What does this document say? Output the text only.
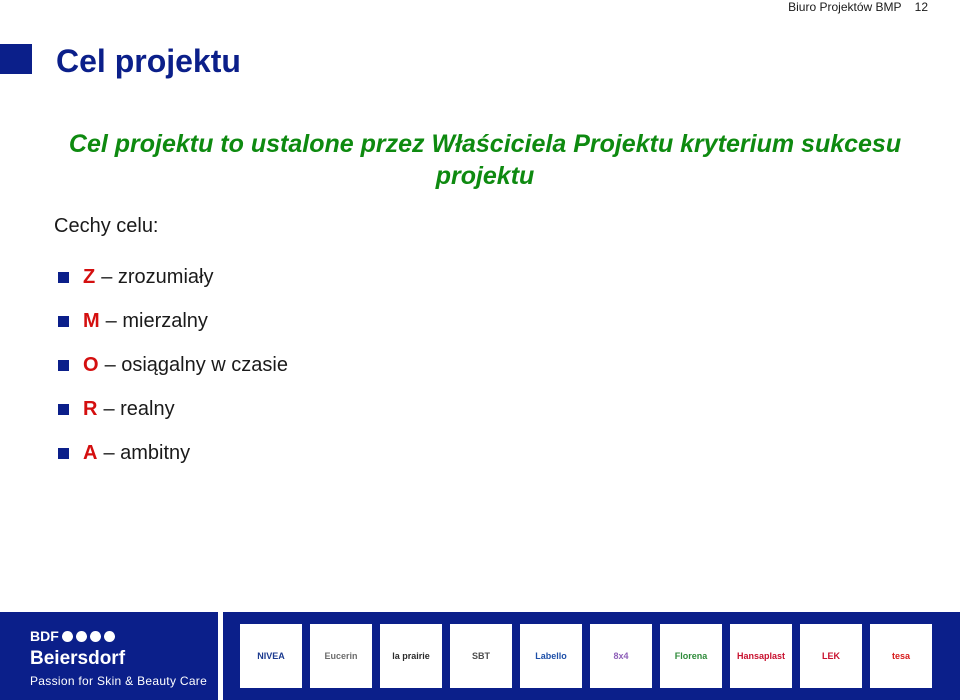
Biuro Projektów BMP 12
Cel projektu

Cel projektu to ustalone przez Właściciela Projektu kryterium sukcesu projektu

Cechy celu:
Z – zrozumiały
M – mierzalny
O – osiągalny w czasie
R – realny
A – ambitny
BDF
Beiersdorf
Passion for Skin & Beauty Care
NIVEA	Eucerin	la prairie	SBT	Labello	8x4	Florena	Hansaplast	LEK	tesa
